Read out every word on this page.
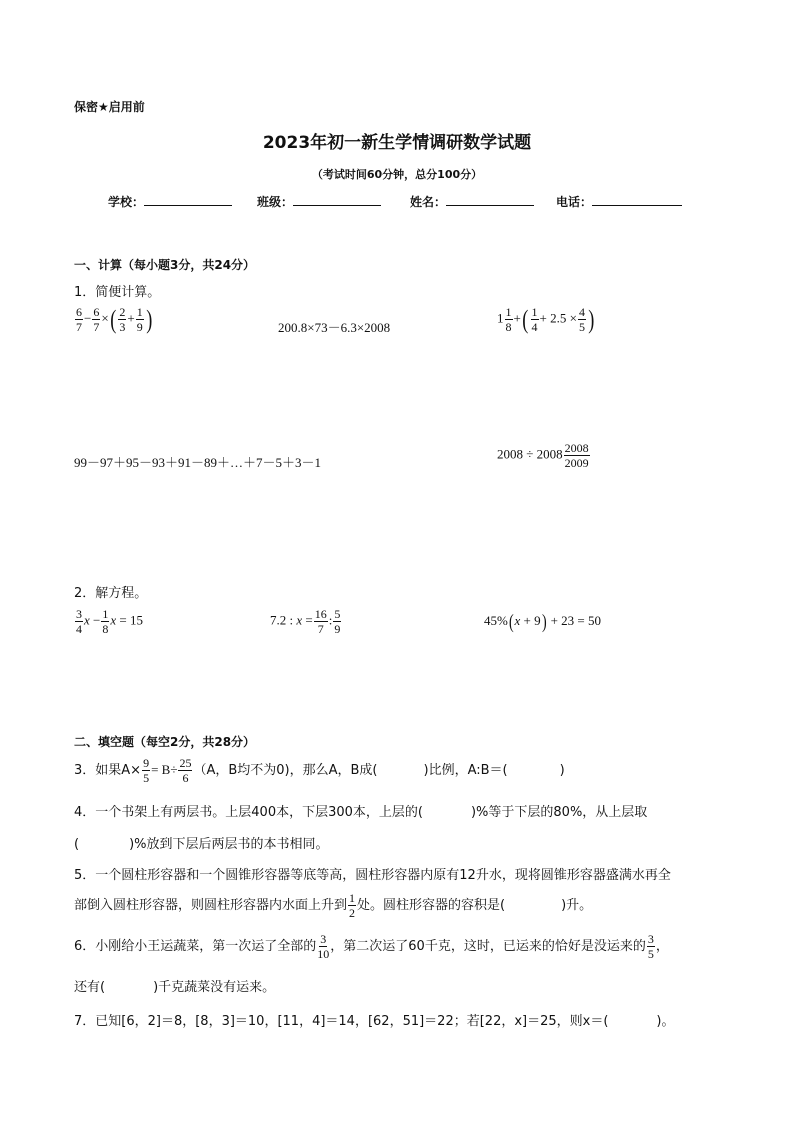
保密★启用前
2023年初一新生学情调研数学试题
（考试时间60分钟，总分100分）
学校：	班级：	姓名：	电话：
一、计算（每小题3分，共24分）
1．简便计算。
$\frac{6}{7} - \frac{6}{7}$ ×( $\frac{2}{3} + \frac{1}{9}$ )	200.8×73－6.3×2008
$1 \frac{1}{8}$ +( $\frac{1}{4} + 2.5 \times \frac{4}{5}$ )
99－97＋95－93＋91－89＋…＋7－5＋3－1
$2008 \div 2008 \frac{2008}{2009}$
2．解方程。
$\frac{3}{4}$ $x - \frac{1}{8}$ x = 15	7.2 : $x = \frac{16}{7}$ : $\frac{5}{9}$	45%(x + 9) + 23 = 50
二、填空题（每空2分，共28分）
3．如果$A\times \frac{9}{5} = B\div \frac{25}{6} (A$，B均不为0)，那么A，B成(	)比例，A:B＝(	)
4．一个书架上有两层书。上层400本，下层300本，上层的(	)%等于下层的80%，从上层取
(	)%放到下层后两层书的本书相同。
5．一个圆柱形容器和一个圆锥形容器等底等高，圆柱形容器内原有12升水，现将圆锥形容器盛满水再全
部倒入圆柱形容器，则圆柱形容器内水面上升到 $\frac{1}{2}$ 处。圆柱形容器的容积是(	)升。
6．小刚给小王运蔬菜，第一次运了全部的 $\frac{3}{10}$ ，第二次运了60千克，这时，已运来的恰好是没运来的 $\frac{3}{5}$ ，
还有(	)千克蔬菜没有运来。
7．已知[6，2]＝8，[8，3]＝10，[11，4]＝14，[62，51]＝22；若[22，x]＝25，则x＝(	)。
